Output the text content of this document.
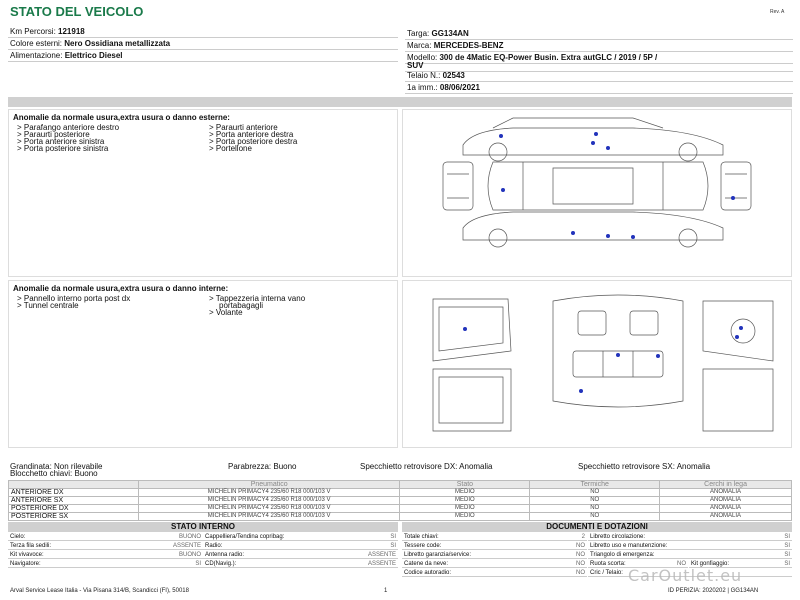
STATO DEL VEICOLO	Rev. A
Km Percorsi: 121918
Colore esterni: Nero Ossidiana metallizzata
Alimentazione: Elettrico Diesel
Targa: GG134AN
Marca: MERCEDES-BENZ
Modello: 300 de 4Matic EQ-Power Busin. Extra autGLC / 2019 / 5P /
SUV
Telaio N.: 02543
1a imm.: 08/06/2021
Anomalie da normale usura,extra usura o danno esterne:
> Parafango anteriore destro
> Paraurti posteriore
> Porta anteriore sinistra
> Porta posteriore sinistra
> Paraurti anteriore
> Porta anteriore destra
> Porta posteriore destra
> Portellone
Anomalie da normale usura,extra usura o danno interne:
> Pannello interno porta post dx
> Tunnel centrale
> Tappezzeria interna vano
portabagagli
> Volante
Grandinata: Non rilevabile	Parabrezza: Buono	Specchietto retrovisore DX: Anomalia	Specchietto retrovisore SX: Anomalia
Blocchetto chiavi: Buono
	Pneumatico	Stato	Termiche	Cerchi in lega
ANTERIORE DX	MICHELIN PRIMACY4 235/60 R18 000/103 V	MEDIO	NO	ANOMALIA
ANTERIORE SX	MICHELIN PRIMACY4 235/60 R18 000/103 V	MEDIO	NO	ANOMALIA
POSTERIORE DX	MICHELIN PRIMACY4 235/60 R18 000/103 V	MEDIO	NO	ANOMALIA
POSTERIORE SX	MICHELIN PRIMACY4 235/60 R18 000/103 V	MEDIO	NO	ANOMALIA
STATO INTERNO
Cielo:	BUONO
Terza fila sedili:	ASSENTE
Kit vivavoce:	BUONO
Navigatore:	SI
Cappelliera/Tendina copribag:	SI
Radio:	SI
Antenna radio:	ASSENTE
CD(Navig.):	ASSENTE
DOCUMENTI E DOTAZIONI
Totale chiavi:	2
Tessere code:	NO
Libretto garanzia/service:	NO
Catene da neve:	NO
Codice autoradio:	NO
Libretto circolazione:	SI
Libretto uso e manutenzione:	SI
Triangolo di emergenza:	SI
Ruota scorta:	NO Kit gonfiaggio:	SI
Cric / Telaio:
Arval Service Lease Italia - Via Pisana 314/B, Scandicci (FI), 50018	1	ID PERIZIA: 2020202 | GG134AN
CarOutlet.eu
